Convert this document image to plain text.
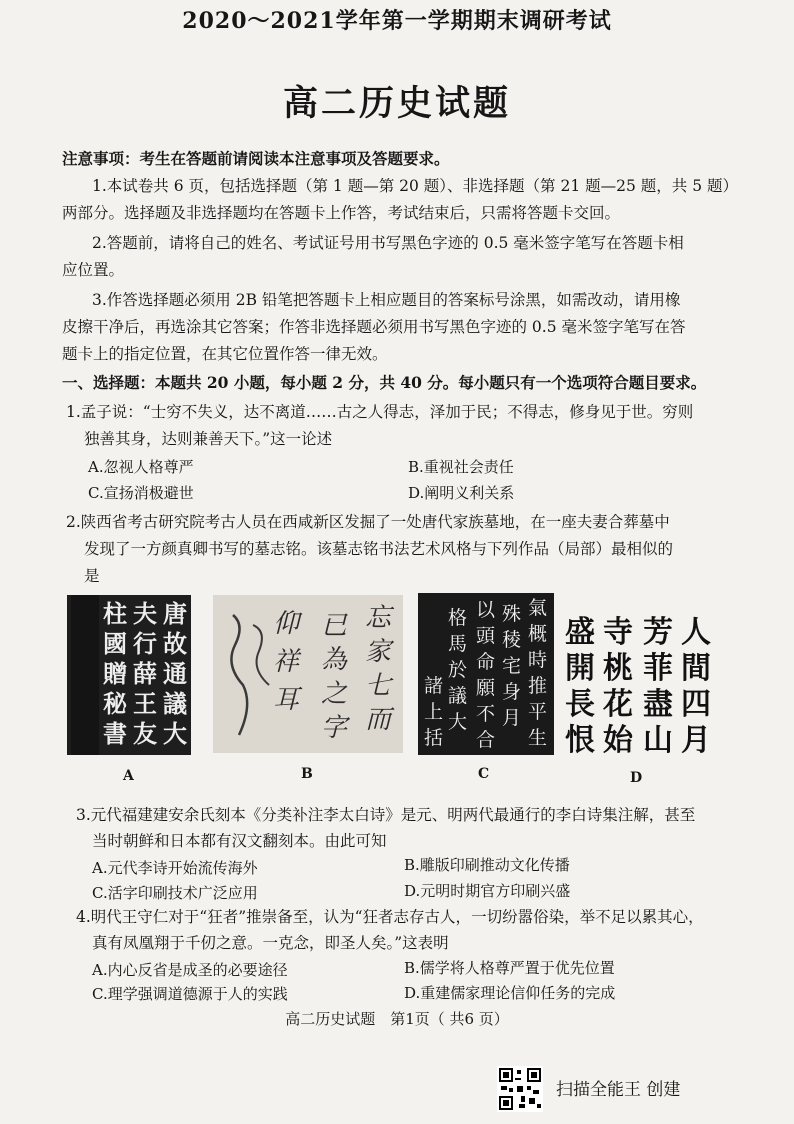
2020～2021学年第一学期期末调研考试
高二历史试题
注意事项：考生在答题前请阅读本注意事项及答题要求。
1.本试卷共 6 页，包括选择题（第 1 题—第 20 题）、非选择题（第 21 题—25 题，共 5 题）
两部分。选择题及非选择题均在答题卡上作答，考试结束后，只需将答题卡交回。
2.答题前，请将自己的姓名、考试证号用书写黑色字迹的 0.5 毫米签字笔写在答题卡相
应位置。
3.作答选择题必须用 2B 铅笔把答题卡上相应题目的答案标号涂黑，如需改动，请用橡
皮擦干净后，再选涂其它答案；作答非选择题必须用书写黑色字迹的 0.5 毫米签字笔写在答
题卡上的指定位置，在其它位置作答一律无效。
一、选择题：本题共 20 小题，每小题 2 分，共 40 分。每小题只有一个选项符合题目要求。
1.孟子说：“士穷不失义，达不离道……古之人得志，泽加于民；不得志，修身见于世。穷则
独善其身，达则兼善天下。”这一论述
A.忽视人格尊严	B.重视社会责任
C.宣扬消极避世	D.阐明义利关系
2.陕西省考古研究院考古人员在西咸新区发掘了一处唐代家族墓地，在一座夫妻合葬墓中
发现了一方颜真卿书写的墓志铭。该墓志铭书法艺术风格与下列作品（局部）最相似的
是
唐
故
通
議
大
夫
行
薛
王
友
柱
國
贈
秘
書
A
忘
家
七
而
已
為
之
字
仰
祥
耳
B
氣
概
時
推
平
生
殊
稜
宅
身
月
以
頭
命
願
不
合
格
馬
於
議
大
諸
上
括
C
人
間
四
月
芳
菲
盡
山
寺
桃
花
始
盛
開
長
恨
D
3.元代福建建安余氏刻本《分类补注李太白诗》是元、明两代最通行的李白诗集注解，甚至
当时朝鲜和日本都有汉文翻刻本。由此可知
A.元代李诗开始流传海外	B.雕版印刷推动文化传播
C.活字印刷技术广泛应用	D.元明时期官方印刷兴盛
4.明代王守仁对于“狂者”推崇备至，认为“狂者志存古人，一切纷嚣俗染，举不足以累其心，
真有凤凰翔于千仞之意。一克念，即圣人矣。”这表明
A.内心反省是成圣的必要途径	B.儒学将人格尊严置于优先位置
C.理学强调道德源于人的实践	D.重建儒家理论信仰任务的完成
高二历史试题　第1页（ 共6 页）
扫描全能王 创建
